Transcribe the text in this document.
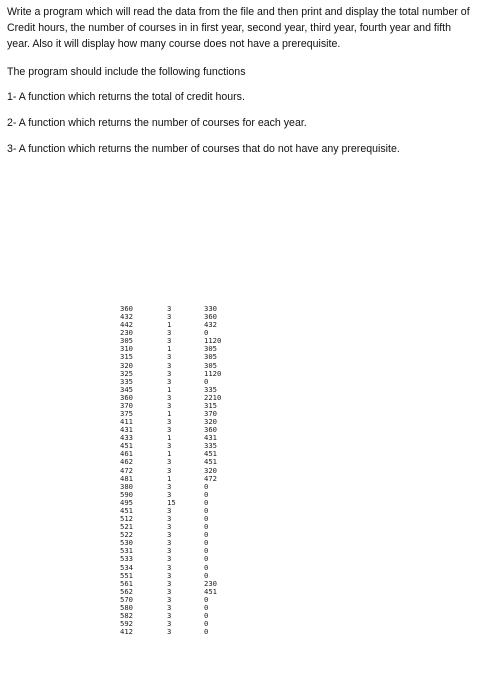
Write a program which will read the data from the file and then print and display the total number of Credit hours, the number of courses in in first year, second year, third year, fourth year and fifth year. Also it will display how many course does not have a prerequisite.

The program should include the following functions

1- A function which returns the total of credit hours.

2- A function which returns the number of courses for each year.

3- A function which returns the number of courses that do not have any prerequisite.

360	3	330
432	3	360
442	1	432
230	3	0
305	3	1120
310	1	305
315	3	305
320	3	305
325	3	1120
335	3	0
345	1	335
360	3	2210
370	3	315
375	1	370
411	3	320
431	3	360
433	1	431
451	3	335
461	1	451
462	3	451
472	3	320
481	1	472
380	3	0
590	3	0
495	15	0
451	3	0
512	3	0
521	3	0
522	3	0
530	3	0
531	3	0
533	3	0
534	3	0
551	3	0
561	3	230
562	3	451
570	3	0
580	3	0
582	3	0
592	3	0
412	3	0
